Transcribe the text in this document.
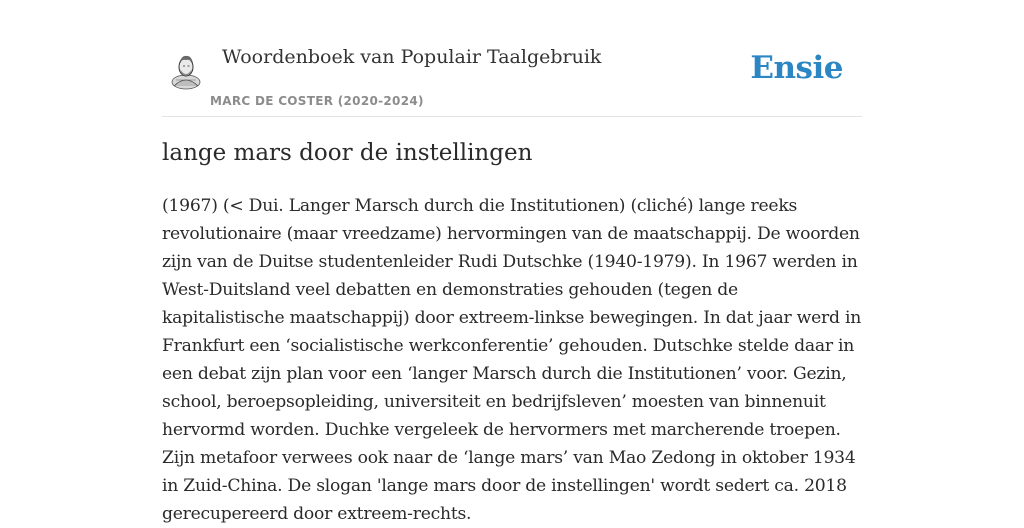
Woordenboek van Populair Taalgebruik
MARC DE COSTER (2020-2024)
Ensie
lange mars door de instellingen
(1967) (< Dui. Langer Marsch durch die Institutionen) (cliché) lange reeks
revolutionaire (maar vreedzame) hervormingen van de maatschappij. De woorden
zijn van de Duitse studentenleider Rudi Dutschke (1940-1979). In 1967 werden in
West-Duitsland veel debatten en demonstraties gehouden (tegen de
kapitalistische maatschappij) door extreem-linkse bewegingen. In dat jaar werd in
Frankfurt een ‘socialistische werkconferentie’ gehouden. Dutschke stelde daar in
een debat zijn plan voor een ‘langer Marsch durch die Institutionen’ voor. Gezin,
school, beroepsopleiding, universiteit en bedrijfsleven’ moesten van binnenuit
hervormd worden. Duchke vergeleek de hervormers met marcherende troepen.
Zijn metafoor verwees ook naar de ‘lange mars’ van Mao Zedong in oktober 1934
in Zuid-China. De slogan 'lange mars door de instellingen' wordt sedert ca. 2018
gerecupereerd door extreem-rechts.
